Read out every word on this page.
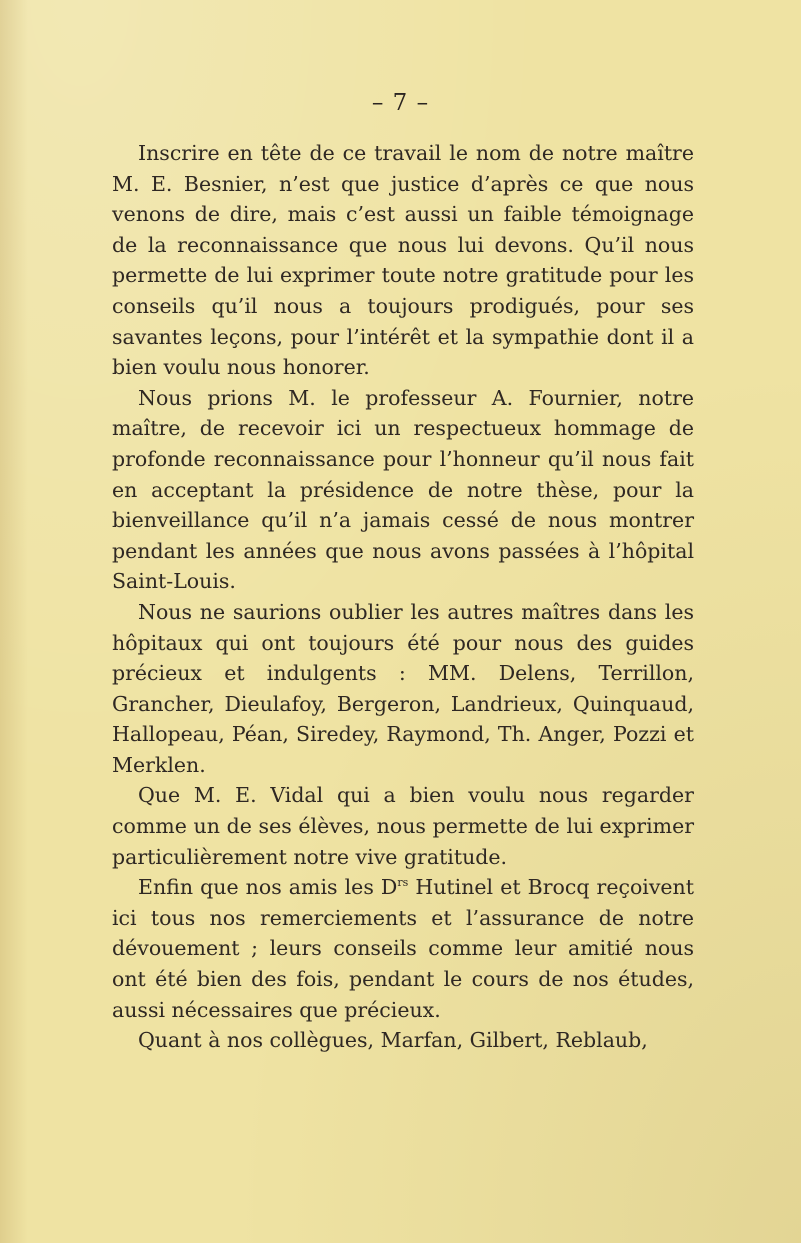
– 7 –

Inscrire en tête de ce travail le nom de notre maître M. E. Besnier, n’est que justice d’après ce que nous venons de dire, mais c’est aussi un faible témoignage de la reconnaissance que nous lui devons. Qu’il nous permette de lui exprimer toute notre gratitude pour les conseils qu’il nous a toujours prodigués, pour ses savantes leçons, pour l’intérêt et la sympathie dont il a bien voulu nous honorer.

Nous prions M. le professeur A. Fournier, notre maître, de recevoir ici un respectueux hommage de profonde reconnaissance pour l’honneur qu’il nous fait en acceptant la présidence de notre thèse, pour la bienveillance qu’il n’a jamais cessé de nous montrer pendant les années que nous avons passées à l’hôpital Saint-Louis.

Nous ne saurions oublier les autres maîtres dans les hôpitaux qui ont toujours été pour nous des guides précieux et indulgents : MM. Delens, Terrillon, Grancher, Dieulafoy, Bergeron, Landrieux, Quinquaud, Hallopeau, Péan, Siredey, Raymond, Th. Anger, Pozzi et Merklen.

Que M. E. Vidal qui a bien voulu nous regarder comme un de ses élèves, nous permette de lui exprimer particulièrement notre vive gratitude.

Enfin que nos amis les $D^{rs}$ Hutinel et Brocq reçoivent ici tous nos remerciements et l’assurance de notre dévouement ; leurs conseils comme leur amitié nous ont été bien des fois, pendant le cours de nos études, aussi nécessaires que précieux.

Quant à nos collègues, Marfan, Gilbert, Reblaub,
